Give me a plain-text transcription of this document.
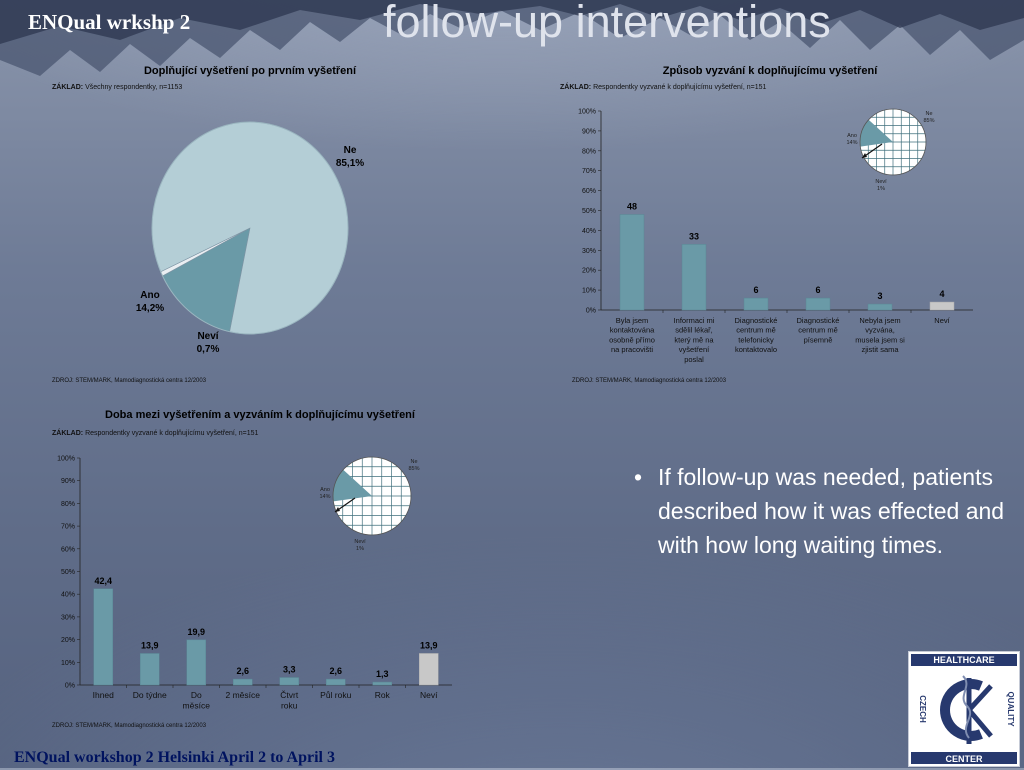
ENQual wrkshp 2	follow-up interventions
Doplňující vyšetření po prvním vyšetření
ZÁKLAD: Všechny respondentky, n=1153
Ne
85,1%
Ano
14,2%
Neví
0,7%
ZDROJ: STEM/MARK, Mamodiagnostická centra 12/2003
Způsob vyzvání k doplňujícímu vyšetření
ZÁKLAD: Respondentky vyzvané k doplňujícímu vyšetření, n=151
0%
10%
20%
30%
40%
50%
60%
70%
80%
90%
100%
48
Byla jsem kontaktována osobně přímo na pracovišti
33
Informaci mi sdělil lékař, který mě na vyšetření poslal
6
Diagnostické centrum mě telefonicky kontaktovalo
6
Diagnostické centrum mě písemně
3
Nebyla jsem vyzvána, musela jsem si zjistit sama
4
Neví
Ne
85%
Ano
14%
Neví
1%
ZDROJ: STEM/MARK, Mamodiagnostická centra 12/2003
Doba mezi vyšetřením a vyzváním k doplňujícímu vyšetření
ZÁKLAD: Respondentky vyzvané k doplňujícímu vyšetření, n=151
0%
10%
20%
30%
40%
50%
60%
70%
80%
90%
100%
42,4
Ihned
13,9
Do týdne
19,9
Do měsíce
2,6
2 měsíce
3,3
Čtvrt roku
2,6
Půl roku
1,3
Rok
13,9
Neví
Ne
85%
Ano
14%
Neví
1%
ZDROJ: STEM/MARK, Mamodiagnostická centra 12/2003
• If follow-up was needed, patients described how it was effected and with how long waiting times.
HEALTHCARE
CENTER
CZECH	QUALITY
ENQual workshop 2 Helsinki April 2 to April 3
